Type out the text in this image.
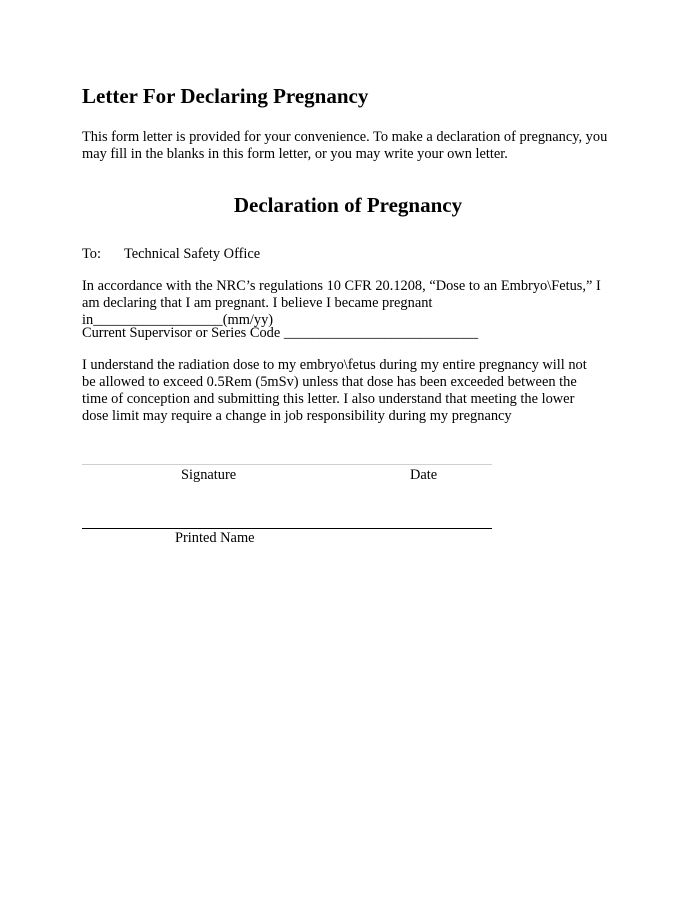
Letter For Declaring Pregnancy

This form letter is provided for your convenience. To make a declaration of pregnancy, you may fill in the blanks in this form letter, or you may write your own letter.

Declaration of Pregnancy
To: Technical Safety Office

In accordance with the NRC’s regulations 10 CFR 20.1208, “Dose to an Embryo\Fetus,” I am declaring that I am pregnant. I believe I became pregnant in__________________(mm/yy)

Current Supervisor or Series Code ___________________________

I understand the radiation dose to my embryo\fetus during my entire pregnancy will not be allowed to exceed 0.5Rem (5mSv) unless that dose has been exceeded between the time of conception and submitting this letter. I also understand that meeting the lower dose limit may require a change in job responsibility during my pregnancy

Signature	Date
Printed Name
